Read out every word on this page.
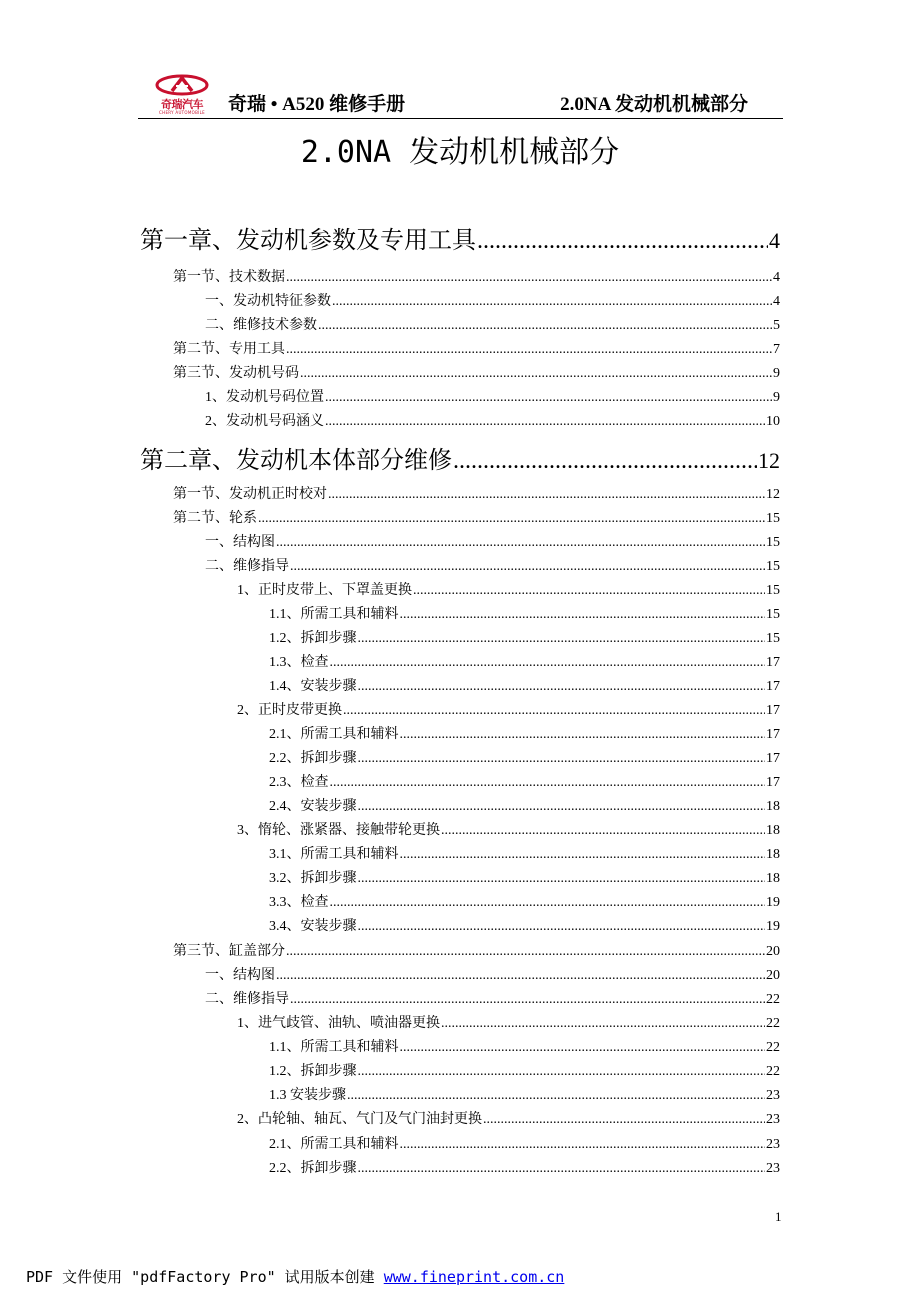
奇瑞汽车
CHERY AUTOMOBILE	奇瑞 • A520 维修手册	2.0NA 发动机机械部分
2.0NA 发动机机械部分
第一章、发动机参数及专用工具 .....	4
第一节、技术数据 .....	4
一、发动机特征参数 .....	4
二、维修技术参数 .....	5
第二节、专用工具 .....	7
第三节、发动机号码 .....	9
1、发动机号码位置 .....	9
2、发动机号码涵义 .....	10
第二章、发动机本体部分维修 .....	12
第一节、发动机正时校对 .....	12
第二节、轮系 .....	15
一、结构图 .....	15
二、维修指导 .....	15
1、正时皮带上、下罩盖更换 .....	15
1.1、所需工具和辅料 .....	15
1.2、拆卸步骤 .....	15
1.3、检查 .....	17
1.4、安装步骤 .....	17
2、正时皮带更换 .....	17
2.1、所需工具和辅料 .....	17
2.2、拆卸步骤 .....	17
2.3、检查 .....	17
2.4、安装步骤 .....	18
3、惰轮、涨紧器、接触带轮更换 .....	18
3.1、所需工具和辅料 .....	18
3.2、拆卸步骤 .....	18
3.3、检查 .....	19
3.4、安装步骤 .....	19
第三节、缸盖部分 .....	20
一、结构图 .....	20
二、维修指导 .....	22
1、进气歧管、油轨、喷油器更换 .....	22
1.1、所需工具和辅料 .....	22
1.2、拆卸步骤 .....	22
1.3 安装步骤 .....	23
2、凸轮轴、轴瓦、气门及气门油封更换 .....	23
2.1、所需工具和辅料 .....	23
2.2、拆卸步骤 .....	23
1
PDF 文件使用 "pdfFactory Pro" 试用版本创建 www.fineprint.com.cn
